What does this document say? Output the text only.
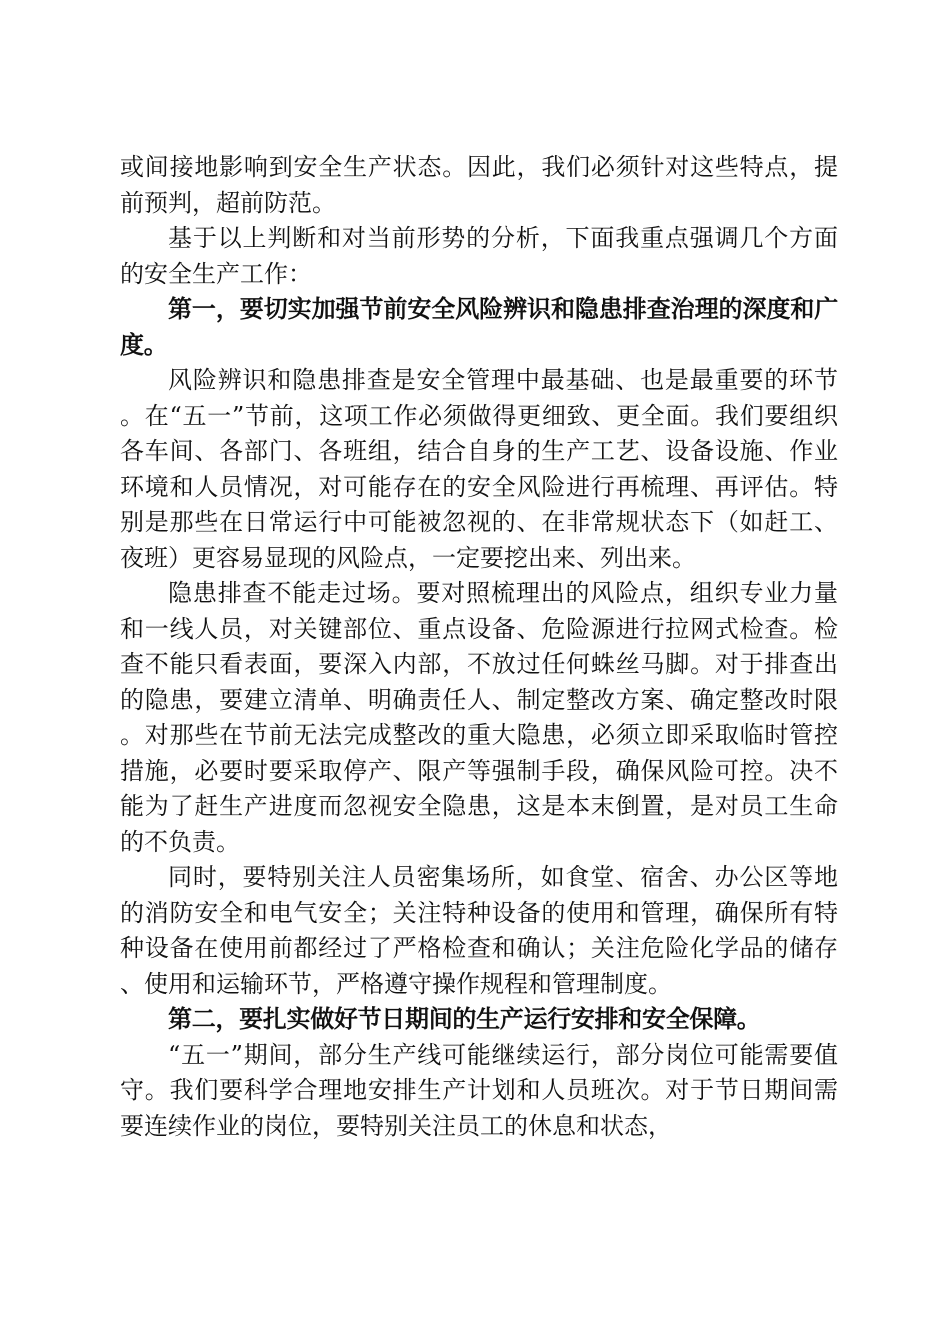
或间接地影响到安全生产状态。因此，我们必须针对这些特点，提前预判，超前防范。

基于以上判断和对当前形势的分析，下面我重点强调几个方面的安全生产工作：

第一，要切实加强节前安全风险辨识和隐患排查治理的深度和广度。

风险辨识和隐患排查是安全管理中最基础、也是最重要的环节。在“五一”节前，这项工作必须做得更细致、更全面。我们要组织各车间、各部门、各班组，结合自身的生产工艺、设备设施、作业环境和人员情况，对可能存在的安全风险进行再梳理、再评估。特别是那些在日常运行中可能被忽视的、在非常规状态下（如赶工、夜班）更容易显现的风险点，一定要挖出来、列出来。

隐患排查不能走过场。要对照梳理出的风险点，组织专业力量和一线人员，对关键部位、重点设备、危险源进行拉网式检查。检查不能只看表面，要深入内部，不放过任何蛛丝马脚。对于排查出的隐患，要建立清单、明确责任人、制定整改方案、确定整改时限。对那些在节前无法完成整改的重大隐患，必须立即采取临时管控措施，必要时要采取停产、限产等强制手段，确保风险可控。决不能为了赶生产进度而忽视安全隐患，这是本末倒置，是对员工生命的不负责。

同时，要特别关注人员密集场所，如食堂、宿舍、办公区等地的消防安全和电气安全；关注特种设备的使用和管理，确保所有特种设备在使用前都经过了严格检查和确认；关注危险化学品的储存、使用和运输环节，严格遵守操作规程和管理制度。

第二，要扎实做好节日期间的生产运行安排和安全保障。

“五一”期间，部分生产线可能继续运行，部分岗位可能需要值守。我们要科学合理地安排生产计划和人员班次。对于节日期间需要连续作业的岗位，要特别关注员工的休息和状态，
